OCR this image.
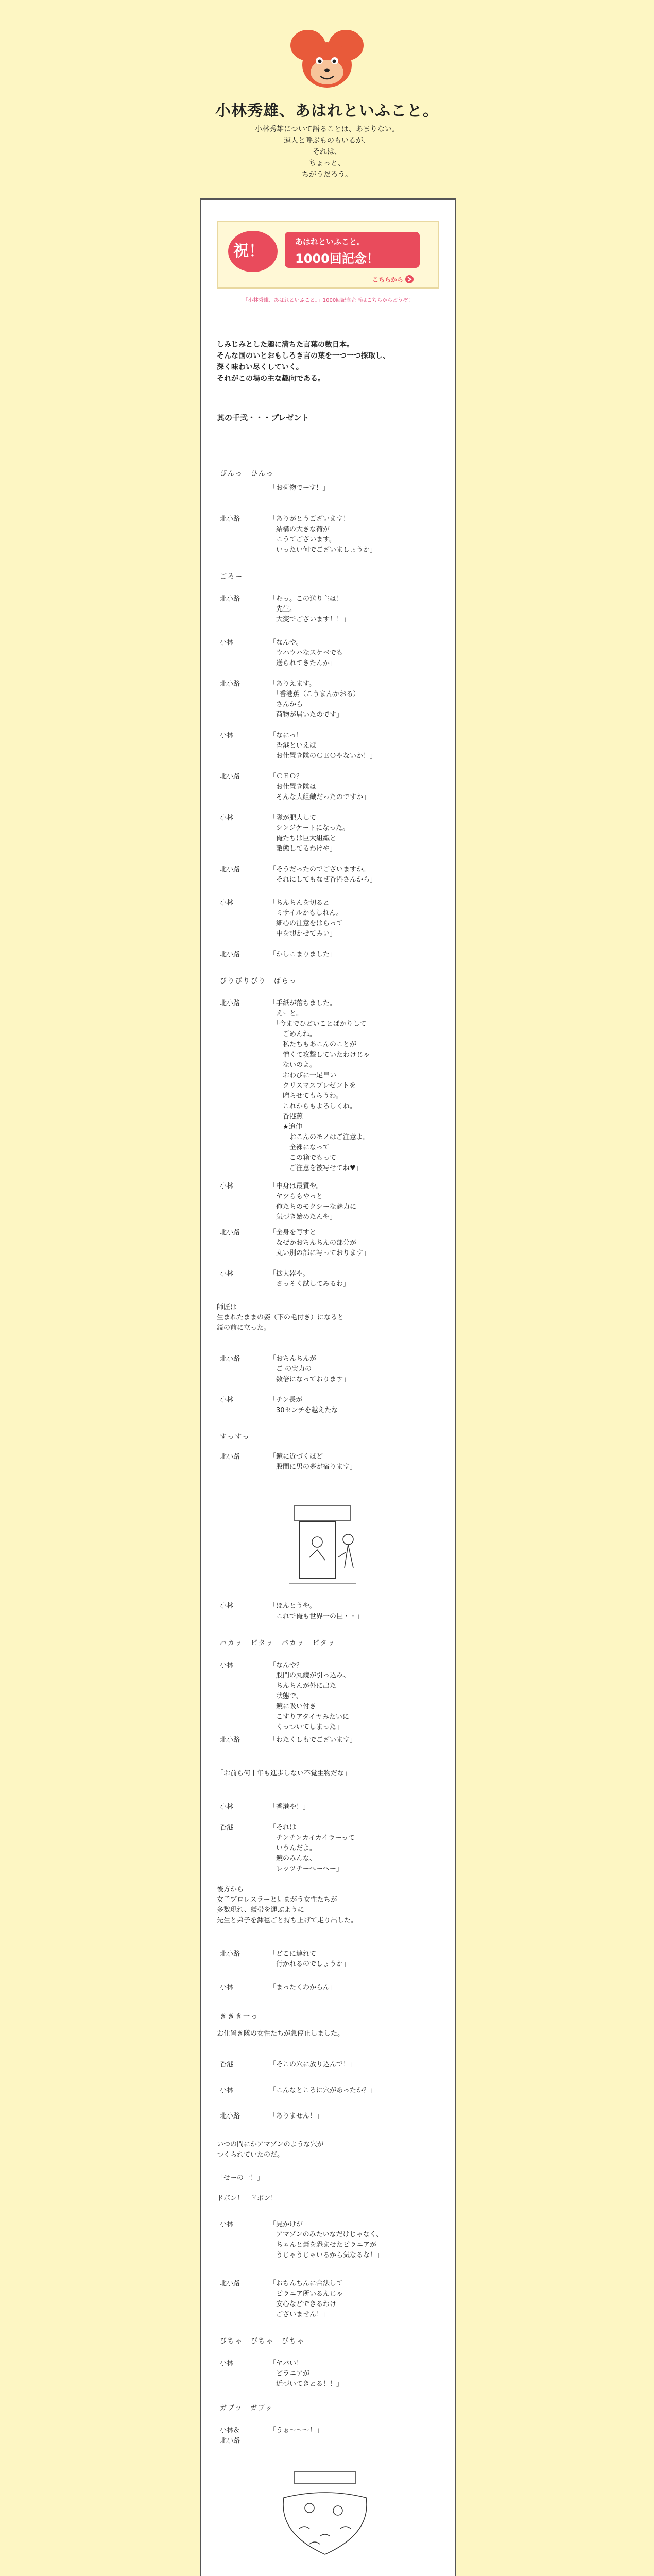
小林秀雄、あはれといふこと。
小林秀雄について語ることは、あまりない。
運人と呼ぶものもいるが、
それは、
ちょっと、
ちがうだろう。
祝！
あはれといふこと。
1000回記念！
こちらから
「小林秀雄、あはれといふこと。」1000回記念企画はこちらからどうぞ！
しみじみとした趣に満ちた言葉の数日本。
そんな国のいとおもしろき言の葉を一つ一つ採取し、
深く味わい尽くしていく。
それがこの場の主な趣向である。
其の千弐・・・プレゼント
ぴんっ　ぴんっ
「お荷物でーす！」
北小路	「ありがとうございます！
　結構の大きな荷が
　こうてございます。
　いったい何でございましょうか」
ごろー
北小路	「むっ。この送り主は！
　先生。
　大変でございます！！」
小林	「なんや。
　ウハウハなスケベでも
　送られてきたんか」
北小路	「ありえます。
　「香港蕉（こうまんかおる）
　さんから
　荷物が届いたのです」
小林	「なにっ！
　香港といえば
　お仕置き隊のＣＥＯやないか！」
北小路	「ＣＥＯ？
　お仕置き隊は
　そんな大組織だったのですか」
小林	「隊が肥大して
　シンジケートになった。
　俺たちは巨大組織と
　敵態してるわけや」
北小路	「そうだったのでございますか。
　それにしてもなぜ香港さんから」
小林	「ちんちんを切ると
　ミサイルかもしれん。
　細心の注意をはらって
　中を覗かせてみい」
北小路	「かしこまりました」
びりびりびり　ばらっ
北小路	「手紙が落ちました。
　えーと。
　「今までひどいことばかりして
　　ごめんね。
　　私たちもあこんのことが
　　憎くて攻撃していたわけじゃ
　　ないのよ。
　　おわびに一足早い
　　クリスマスプレゼントを
　　贈らせてもらうわ。
　　これからもよろしくね。
　　香港蕉
　　★追伸
　　　おこんのモノはご注意よ。
　　　全裸になって
　　　この箱でもって
　　　ご注意を被写せてね♥」
小林	「中身は最質や。
　ヤツらもやっと
　俺たちのモクシーな魅力に
　気づき始めたんや」
北小路	「全身を写すと
　なぜかおちんちんの部分が
　丸い別の部に写っております」
小林	「拡大器や。
　さっそく試してみるわ」
師匠は
生まれたままの姿（下の毛付き）になると
鏡の前に立った。
北小路	「おちんちんが
　ご の実力の
　数倍になっております」
小林	「チン長が
　30センチを越えたな」
すっすっ
北小路	「鏡に近づくほど
　股間に男の夢が宿ります」
小林	「ほんとうや。
　これで俺も世界一の巨・・」
パカッ　ピタッ　パカッ　ピタッ
小林	「なんや？
　股間の丸鏡が引っ込み、
　ちんちんが外に出た
　状態で、
　鏡に吸い付き
　こすりアタイヤみたいに
　くっついてしまった」
北小路	「わたくしもでございます」
「お前ら何十年も進歩しない不覚生物だな」
小林	「香港や！」
香港	「それは
　チンチンカイカイラーって
　いうんだよ。
　鏡のみんな、
　レッツチーへーへー」
後方から
女子プロレスラーと見まがう女性たちが
多数現れ、緩帯を運ぶように
先生と弟子を鉢毯ごと持ち上げて走り出した。
北小路	「どこに連れて
　行かれるのでしょうか」
小林	「まったくわからん」
ききき一っ
お仕置き隊の女性たちが急停止しました。
香港	「そこの穴に放り込んで！」
小林	「こんなところに穴があったか？」
北小路	「ありません！」
いつの間にかアマゾンのような穴が
つくられていたのだ。
「せーの一！」
ドボン！　ドボン！
小林	「見かけが
　アマゾンのみたいなだけじゃなく、
　ちゃんと蕭を恐ませたピラニアが
　うじゃうじゃいるから気なるな！」
北小路	「おちんちんに合法して
　ピラニア所いるんじゃ
　安心などできるわけ
　ございません！」
びちゃ　びちゃ　びちゃ
小林	「ヤバい！
　ピラニアが
　近づいてきとる！！」
ガブッ　ガブッ
小林＆
北小路
「うぉ～～～！」
